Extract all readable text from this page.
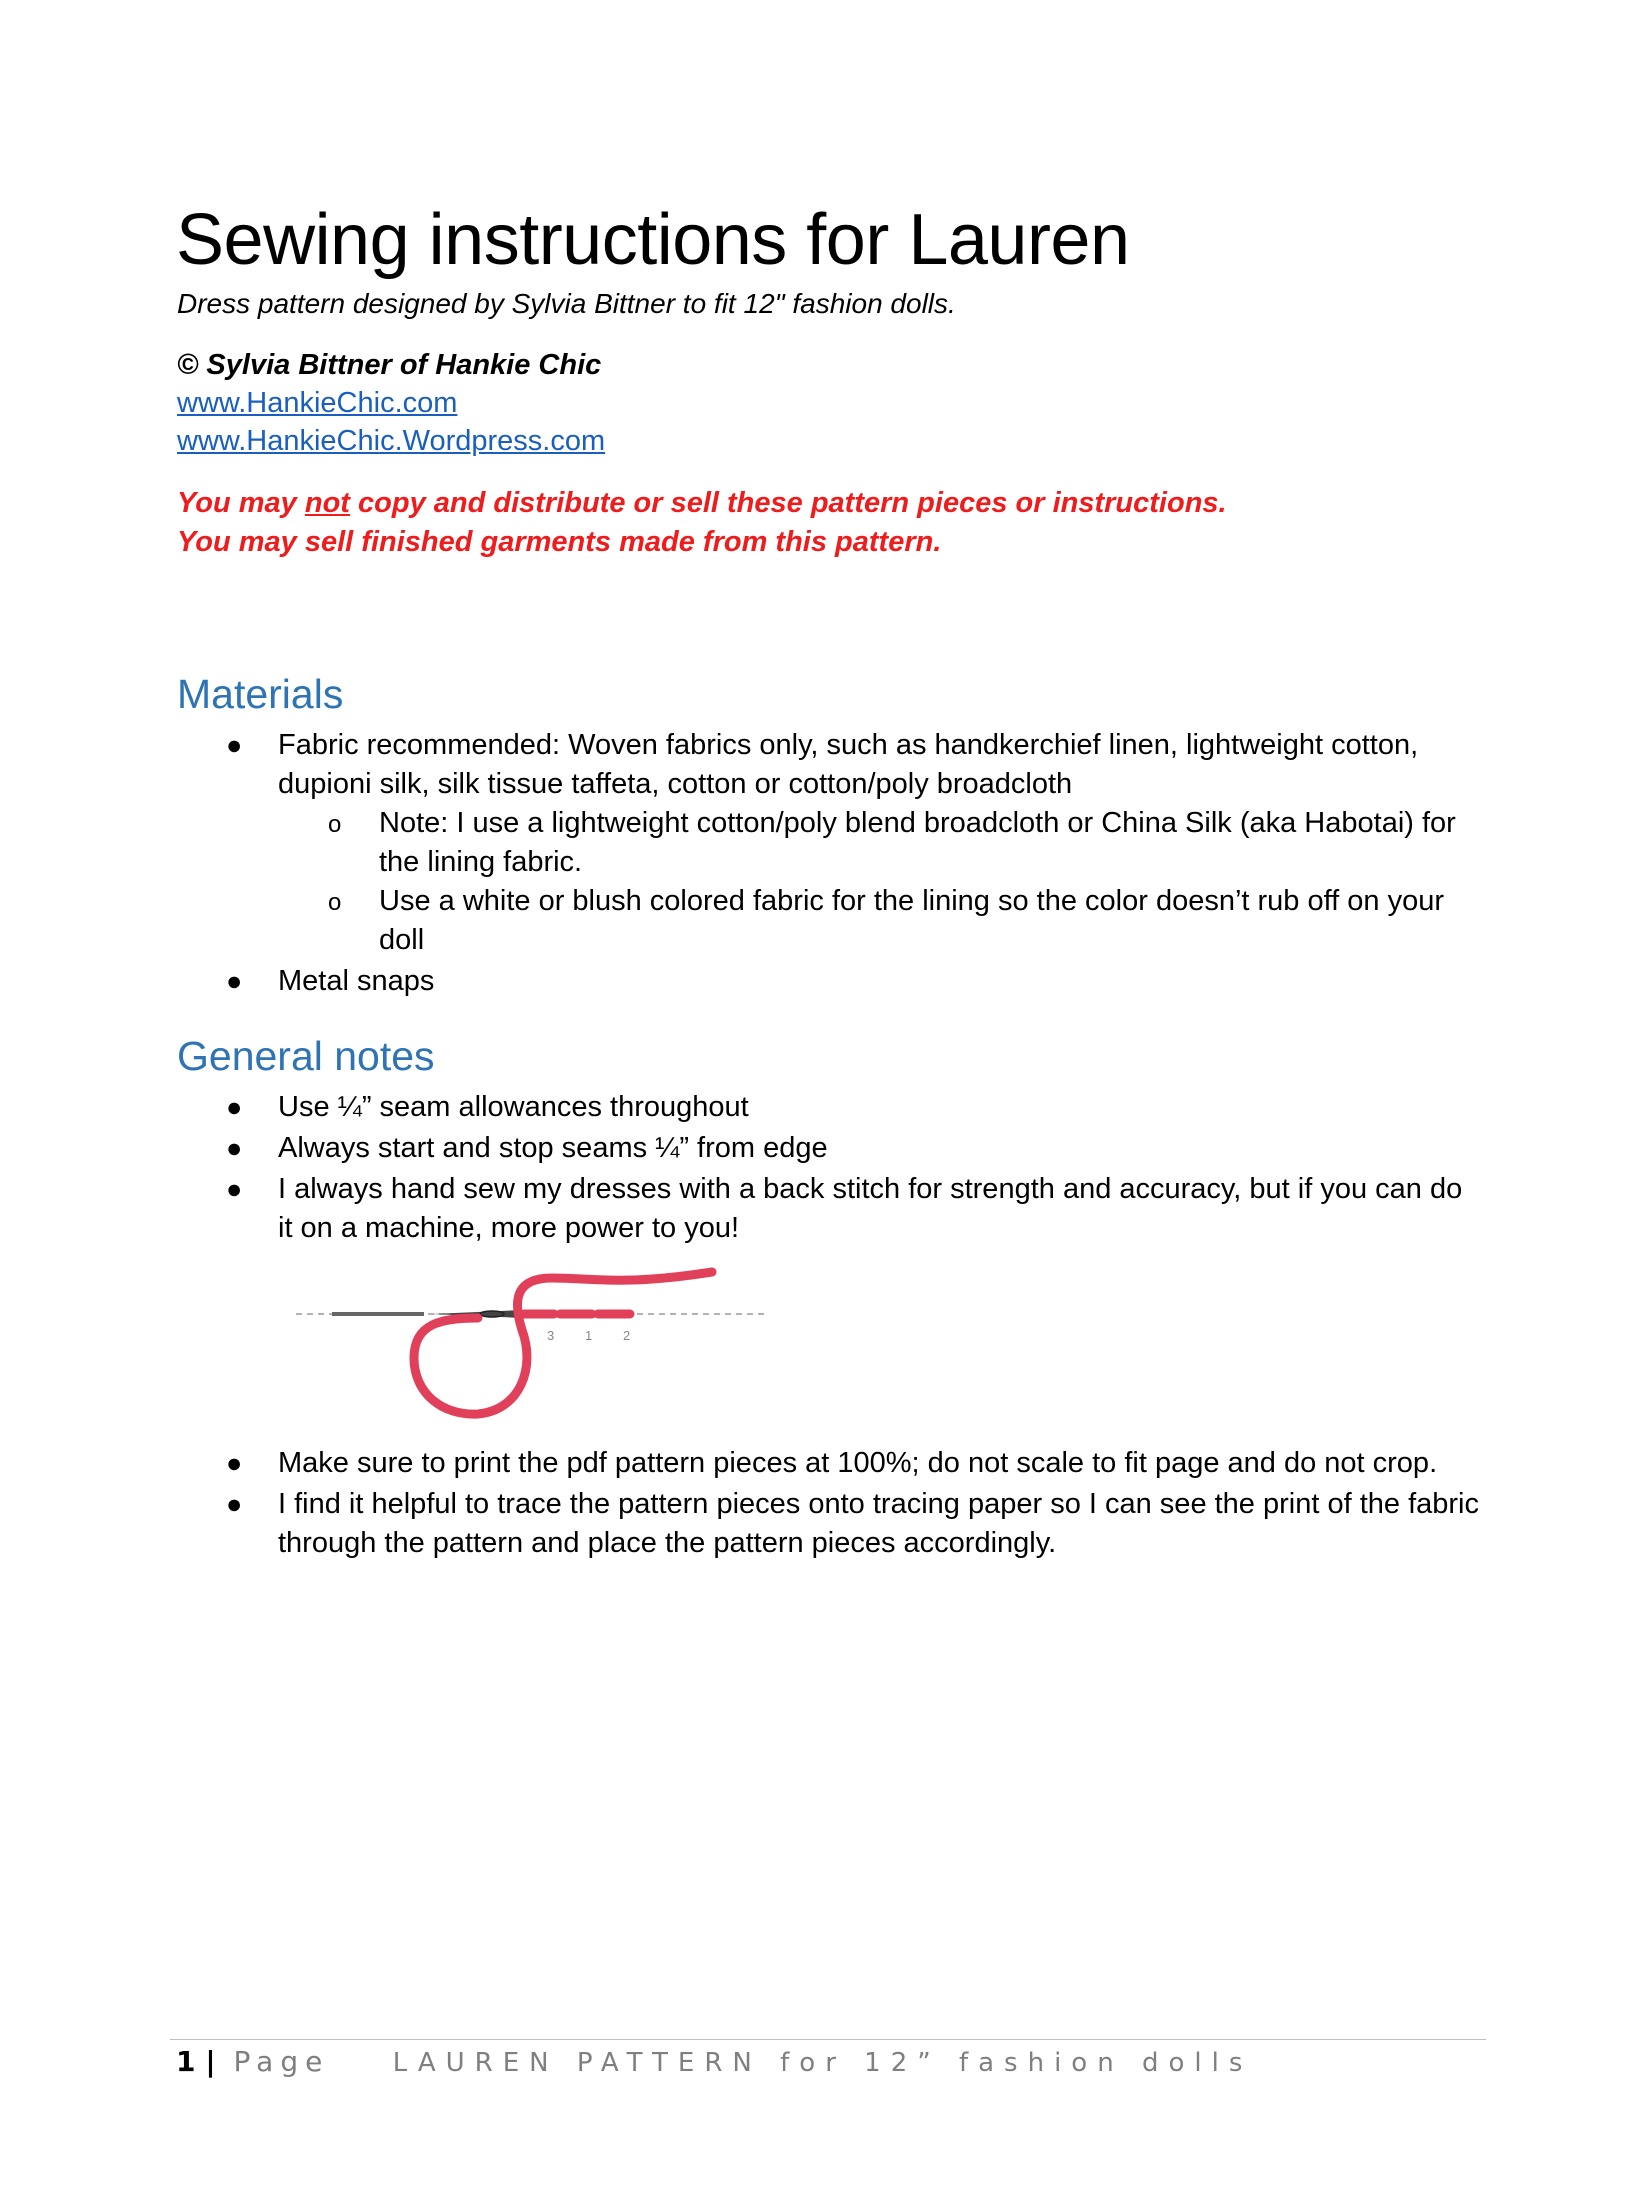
Sewing instructions for Lauren

Dress pattern designed by Sylvia Bittner to fit 12" fashion dolls.

© Sylvia Bittner of Hankie Chic

www.HankieChic.com
www.HankieChic.Wordpress.com

You may not copy and distribute or sell these pattern pieces or instructions.

You may sell finished garments made from this pattern.

Materials
● Fabric recommended: Woven fabrics only, such as handkerchief linen, lightweight cotton, dupioni silk, silk tissue taffeta, cotton or cotton/poly broadcloth
o Note: I use a lightweight cotton/poly blend broadcloth or China Silk (aka Habotai) for the lining fabric.
o Use a white or blush colored fabric for the lining so the color doesn’t rub off on your doll
● Metal snaps
General notes
● Use ¼” seam allowances throughout
● Always start and stop seams ¼” from edge
● I always hand sew my dresses with a back stitch for strength and accuracy, but if you can do it on a machine, more power to you!
3 1 2
● Make sure to print the pdf pattern pieces at 100%; do not scale to fit page and do not crop.
● I find it helpful to trace the pattern pieces onto tracing paper so I can see the print of the fabric through the pattern and place the pattern pieces accordingly.
1 | Page LAUREN PATTERN for 12” fashion dolls
